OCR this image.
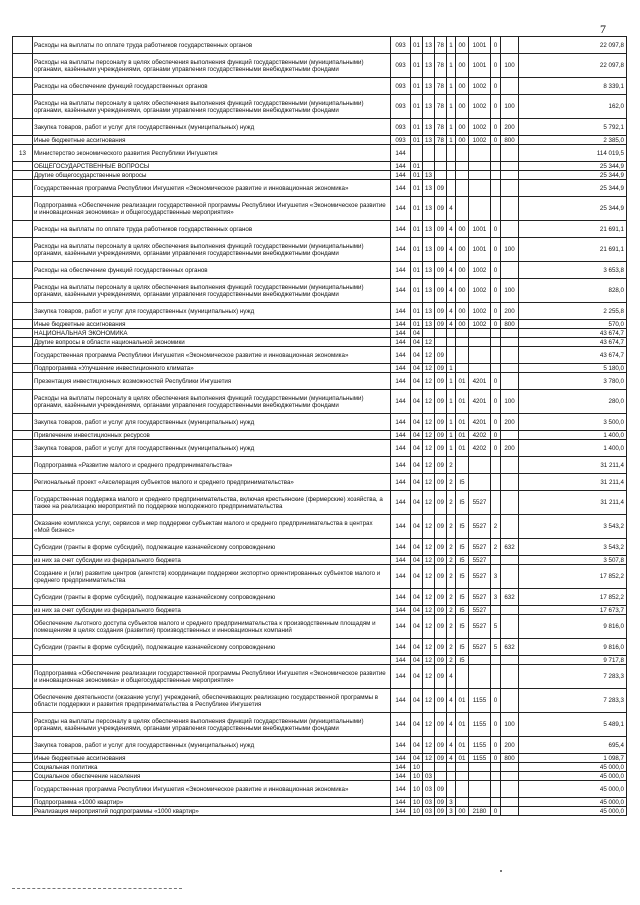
7
	Расходы на выплаты по оплате труда работников государственных органов	093	01	13	78	1	00	1001	0		22 097,8
	Расходы на выплаты персоналу в целях обеспечения выполнения функций государственными (муниципальными) органами, казёнными учреждениями, органами управления государственными внебюджетными фондами	093	01	13	78	1	00	1001	0	100	22 097,8
	Расходы на обеспечение функций государственных органов	093	01	13	78	1	00	1002	0		8 339,1
	Расходы на выплаты персоналу в целях обеспечения выполнения функций государственными (муниципальными) органами, казёнными учреждениями, органами управления государственными внебюджетными фондами	093	01	13	78	1	00	1002	0	100	162,0
	Закупка товаров, работ и услуг для государственных (муниципальных) нужд	093	01	13	78	1	00	1002	0	200	5 792,1
	Иные бюджетные ассигнования	093	01	13	78	1	00	1002	0	800	2 385,0
13	Министерство экономического развития Республики Ингушетия	144									114 019,5
	ОБЩЕГОСУДАРСТВЕННЫЕ ВОПРОСЫ	144	01								25 344,9
	Другие общегосударственные вопросы	144	01	13							25 344,9
	Государственная программа Республики Ингушетия «Экономическое развитие и инновационная экономика»	144	01	13	09						25 344,9
	Подпрограмма «Обеспечение реализации государственной программы Республики Ингушетия «Экономическое развитие и инновационная экономика» и общегосударственные мероприятия»	144	01	13	09	4					25 344,9
	Расходы на выплаты по оплате труда работников государственных органов	144	01	13	09	4	00	1001	0		21 691,1
	Расходы на выплаты персоналу в целях обеспечения выполнения функций государственными (муниципальными) органами, казёнными учреждениями, органами управления государственными внебюджетными фондами	144	01	13	09	4	00	1001	0	100	21 691,1
	Расходы на обеспечение функций государственных органов	144	01	13	09	4	00	1002	0		3 653,8
	Расходы на выплаты персоналу в целях обеспечения выполнения функций государственными (муниципальными) органами, казёнными учреждениями, органами управления государственными внебюджетными фондами	144	01	13	09	4	00	1002	0	100	828,0
	Закупка товаров, работ и услуг для государственных (муниципальных) нужд	144	01	13	09	4	00	1002	0	200	2 255,8
	Иные бюджетные ассигнования	144	01	13	09	4	00	1002	0	800	570,0
	НАЦИОНАЛЬНАЯ ЭКОНОМИКА	144	04								43 674,7
	Другие вопросы в области национальной экономики	144	04	12							43 674,7
	Государственная программа Республики Ингушетия «Экономическое развитие и инновационная экономика»	144	04	12	09						43 674,7
	Подпрограмма «Улучшение инвестиционного климата»	144	04	12	09	1					5 180,0
	Презентация инвестиционных возможностей Республики Ингушетия	144	04	12	09	1	01	4201	0		3 780,0
	Расходы на выплаты персоналу в целях обеспечения выполнения функций государственными (муниципальными) органами, казёнными учреждениями, органами управления государственными внебюджетными фондами	144	04	12	09	1	01	4201	0	100	280,0
	Закупка товаров, работ и услуг для государственных (муниципальных) нужд	144	04	12	09	1	01	4201	0	200	3 500,0
	Привлечение инвестиционных ресурсов	144	04	12	09	1	01	4202	0		1 400,0
	Закупка товаров, работ и услуг для государственных (муниципальных) нужд	144	04	12	09	1	01	4202	0	200	1 400,0
	Подпрограмма «Развитие малого и среднего предпринимательства»	144	04	12	09	2					31 211,4
	Региональный проект «Акселерация субъектов малого и среднего предпринимательства»	144	04	12	09	2	I5				31 211,4
	Государственная поддержка малого и среднего предпринимательства, включая крестьянские (фермерские) хозяйства, а также на реализацию мероприятий по поддержке молодежного предпринимательства	144	04	12	09	2	I5	5527			31 211,4
	Оказание комплекса услуг, сервисов и мер поддержки субъектам малого и среднего предпринимательства в центрах «Мой бизнес»	144	04	12	09	2	I5	5527	2		3 543,2
	Субсидии (гранты в форме субсидий), подлежащие казначейскому сопровождению	144	04	12	09	2	I5	5527	2	632	3 543,2
	из них за счет субсидии из федерального бюджета	144	04	12	09	2	I5	5527			3 507,8
	Создание и (или) развитие центров (агентств) координации поддержки экспортно ориентированных субъектов малого и среднего предпринимательства	144	04	12	09	2	I5	5527	3		17 852,2
	Субсидии (гранты в форме субсидий), подлежащие казначейскому сопровождению	144	04	12	09	2	I5	5527	3	632	17 852,2
	из них за счет субсидии из федерального бюджета	144	04	12	09	2	I5	5527			17 673,7
	Обеспечение льготного доступа субъектов малого и среднего предпринимательства к производственным площадям и помещениям в целях создания (развития) производственных и инновационных компаний	144	04	12	09	2	I5	5527	5		9 816,0
	Субсидии (гранты в форме субсидий), подлежащие казначейскому сопровождению	144	04	12	09	2	I5	5527	5	632	9 816,0
		144	04	12	09	2	I5				9 717,8
	Подпрограмма «Обеспечение реализации государственной программы Республики Ингушетия «Экономическое развитие и инновационная экономика» и общегосударственные мероприятия»	144	04	12	09	4					7 283,3
	Обеспечение деятельности (оказание услуг) учреждений, обеспечивающих реализацию государственной программы в области поддержки и развития предпринимательства в Республике Ингушетия	144	04	12	09	4	01	1155	0		7 283,3
	Расходы на выплаты персоналу в целях обеспечения выполнения функций государственными (муниципальными) органами, казёнными учреждениями, органами управления государственными внебюджетными фондами	144	04	12	09	4	01	1155	0	100	5 489,1
	Закупка товаров, работ и услуг для государственных (муниципальных) нужд	144	04	12	09	4	01	1155	0	200	695,4
	Иные бюджетные ассигнования	144	04	12	09	4	01	1155	0	800	1 098,7
	Социальная политика	144	10								45 000,0
	Социальное обеспечение населения	144	10	03							45 000,0
	Государственная программа Республики Ингушетия «Экономическое развитие и инновационная экономика»	144	10	03	09						45 000,0
	Подпрограмма «1000 квартир»	144	10	03	09	3					45 000,0
	Реализация мероприятий подпрограммы «1000 квартир»	144	10	03	09	3	00	2180	0		45 000,0
